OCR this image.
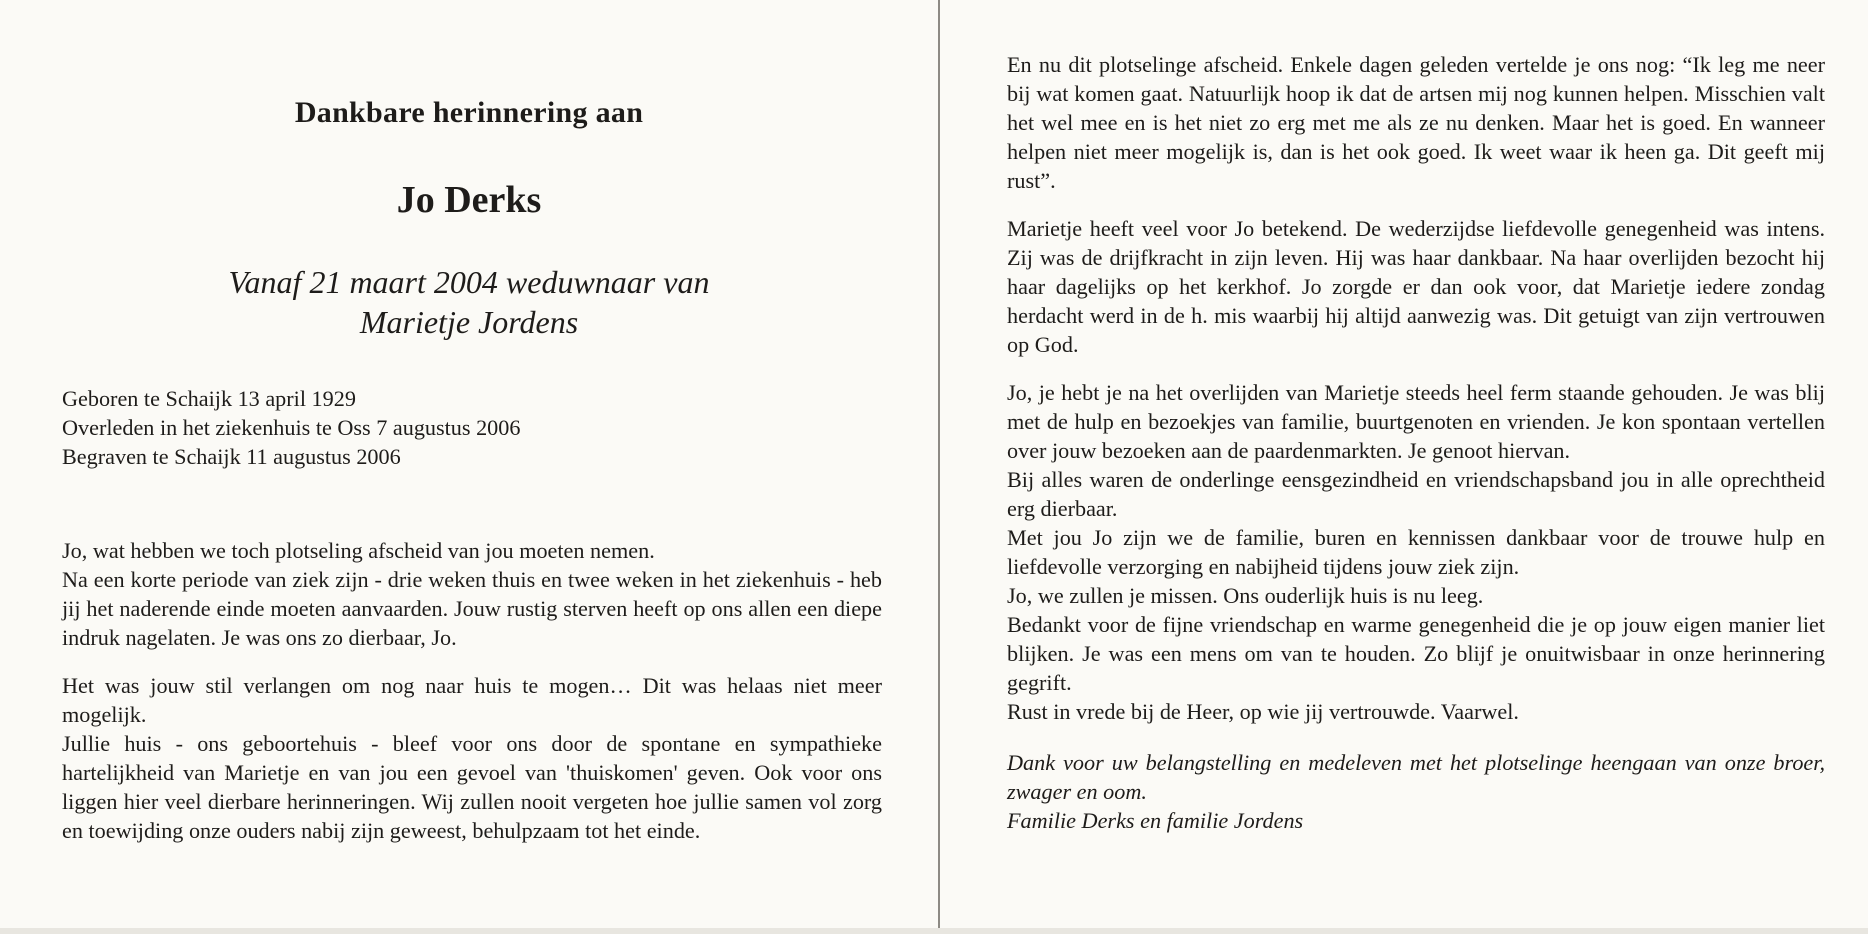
Dankbare herinnering aan
Jo Derks
Vanaf 21 maart 2004 weduwnaar van
Marietje Jordens
Geboren te Schaijk 13 april 1929
Overleden in het ziekenhuis te Oss 7 augustus 2006
Begraven te Schaijk 11 augustus 2006

Jo, wat hebben we toch plotseling afscheid van jou moeten nemen.

Na een korte periode van ziek zijn - drie weken thuis en twee weken in het ziekenhuis - heb jij het naderende einde moeten aanvaarden. Jouw rustig sterven heeft op ons allen een diepe indruk nagelaten. Je was ons zo dierbaar, Jo.

Het was jouw stil verlangen om nog naar huis te mogen… Dit was helaas niet meer mogelijk.

Jullie huis - ons geboortehuis - bleef voor ons door de spontane en sympathieke hartelijkheid van Marietje en van jou een gevoel van 'thuiskomen' geven. Ook voor ons liggen hier veel dierbare herinneringen. Wij zullen nooit vergeten hoe jullie samen vol zorg en toewijding onze ouders nabij zijn geweest, behulpzaam tot het einde.

En nu dit plotselinge afscheid. Enkele dagen geleden vertelde je ons nog: “Ik leg me neer bij wat komen gaat. Natuurlijk hoop ik dat de artsen mij nog kunnen helpen. Misschien valt het wel mee en is het niet zo erg met me als ze nu denken. Maar het is goed. En wanneer helpen niet meer mogelijk is, dan is het ook goed. Ik weet waar ik heen ga. Dit geeft mij rust”.

Marietje heeft veel voor Jo betekend. De wederzijdse liefdevolle genegenheid was intens. Zij was de drijfkracht in zijn leven. Hij was haar dankbaar. Na haar overlijden bezocht hij haar dagelijks op het kerkhof. Jo zorgde er dan ook voor, dat Marietje iedere zondag herdacht werd in de h. mis waarbij hij altijd aanwezig was. Dit getuigt van zijn vertrouwen op God.

Jo, je hebt je na het overlijden van Marietje steeds heel ferm staande gehouden. Je was blij met de hulp en bezoekjes van familie, buurtgenoten en vrienden. Je kon spontaan vertellen over jouw bezoeken aan de paardenmarkten. Je genoot hiervan.

Bij alles waren de onderlinge eensgezindheid en vriendschapsband jou in alle oprechtheid erg dierbaar.

Met jou Jo zijn we de familie, buren en kennissen dankbaar voor de trouwe hulp en liefdevolle verzorging en nabijheid tijdens jouw ziek zijn.

Jo, we zullen je missen. Ons ouderlijk huis is nu leeg.

Bedankt voor de fijne vriendschap en warme genegenheid die je op jouw eigen manier liet blijken. Je was een mens om van te houden. Zo blijf je onuitwisbaar in onze herinnering gegrift.

Rust in vrede bij de Heer, op wie jij vertrouwde. Vaarwel.

Dank voor uw belangstelling en medeleven met het plotselinge heengaan van onze broer, zwager en oom.

Familie Derks en familie Jordens
